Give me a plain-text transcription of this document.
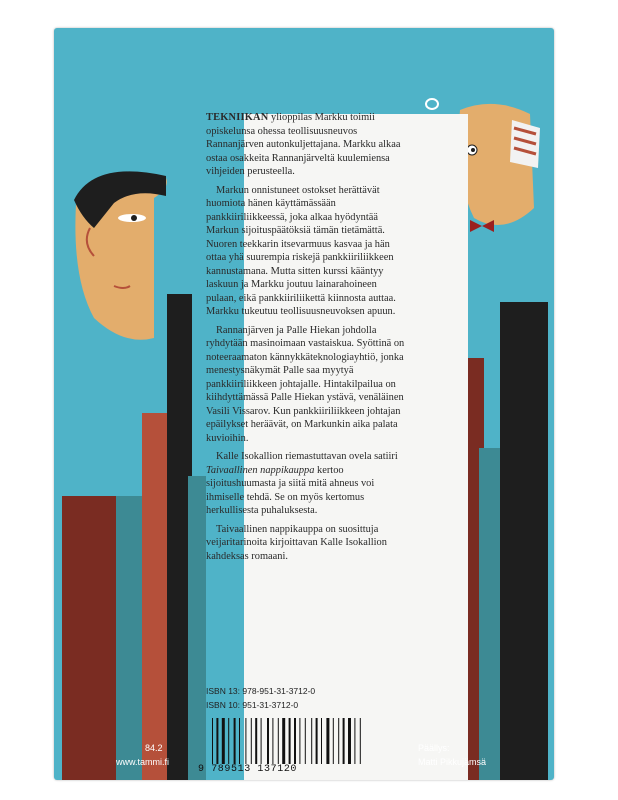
TEKNIIKAN ylioppilas Markku toimii opiskelunsa ohessa teollisuusneuvos Rannanjärven autonkuljettajana. Markku alkaa ostaa osakkeita Rannanjärveltä kuulemiensa vihjeiden perusteella.

Markun onnistuneet ostokset herättävät huomiota hänen käyttämässään pankkiiriliikkeessä, joka alkaa hyödyntää Markun sijoituspäätöksiä tämän tietämättä. Nuoren teekkarin itsevarmuus kasvaa ja hän ottaa yhä suurempia riskejä pankkiiriliikkeen kannustamana. Mutta sitten kurssi kääntyy laskuun ja Markku joutuu lainarahoineen pulaan, eikä pankkiiriliikettä kiinnosta auttaa. Markku tukeutuu teollisuusneuvoksen apuun.

Rannanjärven ja Palle Hiekan johdolla ryhdytään masinoimaan vastaiskua. Syöttinä on noteeraamaton kännykkäteknologiayhtiö, jonka menestysnäkymät Palle saa myytyä pankkiiriliikkeen johtajalle. Hintakilpailua on kiihdyttämässä Palle Hiekan ystävä, venäläinen Vasili Vissarov. Kun pankkiiriliikkeen johtajan epäilykset heräävät, on Markunkin aika palata kuvioihin.

Kalle Isokallion riemastuttavan ovela satiiri Taivaallinen nappikauppa kertoo sijoitushuumasta ja siitä mitä ahneus voi ihmiselle tehdä. Se on myös kertomus herkullisesta puhaluksesta.

Taivaallinen nappikauppa on suosittuja veijaritarinoita kirjoittavan Kalle Isokallion kahdeksas romaani.

ISBN 13: 978-951-31-3712-0
ISBN 10: 951-31-3712-0
9 789513 137120
84.2
www.tammi.fi
Päällys:
Matti Pikkujämsä
